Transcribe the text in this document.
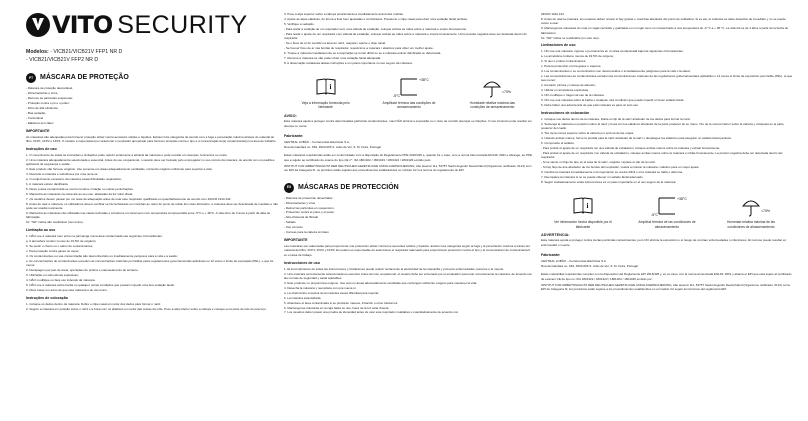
VITO SECURITY
Modelos: - VICB21/VICB21V FFP1 NR D
- VICB21/VICB21V FFP2 NR D
PT MÁSCARA DE PROTEÇÃO

- Máscara de proteção descartável,

- Filtra bactérias e vírus,

- Remove as partículas suspensas;

- Proteção contra o pó e o pólen;

- Filtro de alta eficiência

- Boa vedação,

- Confortável

- Elásticos sem látex

IMPORTANTE

As máscaras são adequadas para fornecer proteção eficaz contra aerossóis sólidos e líquidos. Existem três categorias de acordo com a fuga e penetração máxima através do material do filtro: FFP1, FFP2 e FFP3. O usuário é responsável por selecionar o respirador apropriado para fornecer proteção contra o tipo e a concentração do(s) contaminante(s) na área de trabalho.

Instruções de uso

1. O cumprimento de todas as instruções e limitações pode reduzir seriamente a eficácia da máscara e pode resultar em doenças, ferimentos ou morte.

2. Uma máscara adequadamente selecionada é essencial. Antes do uso ocupacional, o usuário deve ser treinado pelo empregador no uso correto da máscara, de acordo com os padrões aplicáveis de segurança e saúde.

3. Este produto não fornece oxigênio. Use somente em áreas adequadamente ventiladas, contendo oxigênio suficiente para suportar a vida.

4. Descarte a máscara e substitua-a por uma nova se:

a. O enrijecimento excessivo da máscara causa dificuldade respiratória;

b. A máscara estiver danificada.

5. Deixe a área contaminada se ocorrer tontura, irritação ou outras perturbações.

6. Mantenha as máscaras na caixa até ao seu uso, afastadas da luz solar direta.

7. Os usuários devem passar por um teste de adequação antes de usar este respirador qualificado ou quantitativamente de acordo com 29CFR 1910.134.

8. Antes de usar a máscara, os utilizadores devem verificar se há rachaduras ou manchas ao redor do ponto de solda. Em caso afirmativo, a máscara deve ser descartada de imediato e não pode ser usada novamente.

9. Mantenha as máscaras não utilizadas nas caixas fechadas e armazene em local seco com temperatura compreendida entre -5°C e + 38°C. A vida útil é de 3 anos a partir da data de fabricação.

10. "NR" indica não reutilizável (uso único).

Limitação ao uso

1. NÃO use a máscara nem entre na parmanga numa área contaminada nas seguintes circunstâncias:

a. A atmosfera contém menos de 19,5% de oxigênio;

b. Se sentir o cheiro ou o sabor de contaminantes;

c. Para proteção contra gases ou vapor;

d. Os contaminantes ou sua concentração são desconhecidos ou imediatamente perigosos para a vida e a saúde;

e. As concentrações de contaminantes excedem as concentrações máximas permitidas pelos regulamentos governamentais aplicáveis ou 12 vezes o limite de exposição (PEL), o que for menor.

2. Decapagem por jato de areia, operações de pintura e manuseamento de amianto;

3. Utilização em atmosferas explosivas;

4. NÃO modifique ou faça uso indevido da máscara.

5. NÃO use a máscara sobre barba ou qualquer outras condições que possam impedir uma boa vedação facial.

6. Deve haver um aviso de que esta máscara é de uso único.

Instruções de colocação

1. Coloque os dedos dentro da máscara. Dobre o clipe nasal em redor dos dedos para formar o nariz.

2. Segure a máscara em posição sobre o nariz e a boca com os elásticos em redor das costas da mão. Puxe a alça inferior sobre a cabeça e coloque-a na parte de trás do pescoço.

3. Puxe a alça superior sobre a cabeça posicionando-a imediatamente acima das orelhas.

4. Ajuste as alças elásticas, de forma a ficar bem ajustadas e confortáveis. Pressione o clipe nasal para obter uma vedação facial perfeita.

5. Verifique a vedação.

- Para testar a vedação de um respirador sem uma válvula de exalação, coloque ambas as mãos sobre a máscara e expire bruscamente.

- Para testar o ajuste de um respirador com válvula de exalação, coloque ambas as mãos sobre a máscara e inspire bruscamente. Uma pressão negativa deve ser detetada dentro do respirador.

- Se o fluxo de ar for sentido na área do nariz, reajuste / aperte o clipe nasal.

- Se houver fluxo de ar nas bordas do respirador, reposicione a máscara / elásticos para obter um melhor ajuste.

6. Troque a máscara imediatamente se a respiração se tornar difícil ou se a máscara estiver danificada ou deformada.

7. Remova a máscara se não puder obter uma vedação facial adequada.

8. A observação cuidadosa destas instruções é um passo importante no uso seguro da máscara.

i
Veja a informação fornecida pelo fabricante
+38°C
-5°C
Amplitude térmica das condições de armazenamento
<70%
Humidade relativa máxima das condições de armazenamento
AVISO:

Esta máscara ajuda a proteger contra determinadas partículas contaminantes, mas NÃO elimina a exposição ou o risco de contrair doenças ou infeções. O uso incorreto pode resultar em doença ou morte.

Fabricante:

CENTRAL LOBÃO – Ferramentas Eléctricas S.A.

Rua da Gandara no. 664, 4520-606 S. João de Ver, S. M. Feira, Portugal

Estas máscaras respiratórias estão em conformidade com a disposição do Regulamento PPE 2016/425 e, quando for o caso, com a norma harmonizada EN149: 2001 e abrange, ao PPE que é sujeito ao certificado de exame do tipo CE n°: IFA 1801322 / 1801323 / 1801324 / 1801326 emitido pelo:

INSTITUT FUR ARBEITSSCHUTZ DER DEUTSCHEN GEZETZLICHE UNFALLVERSICHERUNG, Alte Heerstr 111, 53757 Sankt Augustin Deutschland (Organismo notificado: 0121) com um EPI da Categoria III, os produtos estão sujeitos aos procedimentos estabelecidos no módulo C2 nos termos do regulamento do EPI.

ES MÁSCARAS DE PROTECCIÓN

- Máscara de protección desechable

- Filtra bacterias y virus

- Retirar las partículas en suspensión.

- Protección contra el polvo y el polen.

- Alta eficiencia de filtrado

- Sellado

- Uso cómodo

- Correas para la cabeza sin látex

IMPORTANTE

Las máscaras son adecuadas para proporcionar una protección eficaz contra los aerosoles sólidos y líquidos. Existen tres categorías según la fuga y la penetración máxima a través del material del filtro: FFP1, FFP2 y FFP3. El usuario es responsable de seleccionar el respirador adecuado para proporcionar protección contra el tipo y la concentración de contaminante/s en el área de trabajo.

Instrucciones de uso

1. El incumplimiento de todas las instrucciones y limitaciones puede reducir seriamente la efectividad de la mascarilla y provocar enfermedades, lesiones o la muerte.

2. Una máscara correctamente seleccionada es esencial. Antes del uso ocupacional, el usuario debe ser entrenado por el empleador para usar correctamente la máscara, de acuerdo con las normas de seguridad y salud aplicables.

3. Este producto no proporciona oxígeno. Use solo en áreas adecuadamente ventiladas que contengan suficiente oxígeno para mantener la vida.

4. Desecha la máscara y reemplaza con una nueva si:

a. La obstrucción excesiva de la máscara causa dificultad para respirar;

b. La máscara está dañada.

5. Abandone el área contaminada si se producen mareos, irritación u otros trastornos.

6. Mantenga las máscaras en la caja hasta su uso, fuera de la luz solar directa.

7. Los usuarios deben pasar una prueba de idoneidad antes de usar este respirador cualitativa o cuantitativamente de acuerdo con

29CFR 1910.134.

8. Antes de usar la máscara, los usuarios deben revisar si hay grietas o manchas alrededor del punto de soldadura. Si es así, la máscara se debe desechar de inmediato y no se puede volver a usar.

9. Mantenga las máscaras sin usar en cajas cerradas y guárdelas en un lugar seco no contaminado a una temperatura de -5 °C a + 38 °C. La vida útil es de 3 años a partir de la fecha de fabricación.

10. "NR" indica no reutilizable (un solo uso).

Limitaciones de uso

1. NO use una máscara, ingrese o permanezca en un área contaminada bajo las siguientes circunstancias:

a. La atmósfera contiene menos de 19,5% de oxígeno;

b. Si oler o probar contaminantes;

c. Para la protección contra gases o vapores;

d. Los contaminantes o su concentración son desconocidos o inmediatamente peligrosos para la vida o la salud;

e. Las concentraciones de contaminantes exceden las concentraciones máximas de las regulaciones gubernamentales aplicables o 12 veces el límite de exposición permisible (PEL), el que sea menor;

2. Arenado, pintura y manejo de asbesto;

3. Utilizar en atmósferas explosivas.

4. NO modifique o haga mal uso de la máscara.

5. NO use una máscara sobre la barba o cualquier otra condición que pueda impedir un buen sellado facial.

6. Debe haber una advertencia de que esta máscara es para un solo uso.

Instrucciones de colocación

1. Coloque sus dedos dentro de la máscara. Doble el clip de la nariz alrededor de los dedos para formar la nariz.

2. Sostenga la máscara en posición sobre la nariz y boca con los elásticos alrededor de la parte posterior de su mano. Tire de la correa inferior sobre la cabeza y colóquela en la parte posterior del cuello.

3. Tire de la correa superior sobre la cabeza por encima de las orejas.

4. Usando ambas manos, forme la presilla para la nariz alrededor de la nariz y despliegue los elásticos para asegurar un sellado facial perfecto.

5. Compruebe el sellado:

- Para probar el ajuste de un respirador sin una válvula de exhalación, coloque ambas manos sobre la máscara y exhale bruscamente.

- Para probar el ajuste de un respirador con válvula de exhalación, coloque ambas manos sobre la máscara e inhale bruscamente. La presión negativa debe ser detectada dentro del respirador.

- Si se siente un flujo de aire en el área de la nariz, reajuste / apriete el clip de la nariz.

- Si hay flujo de aire alrededor de los bordes del respirador, vuelva a colocar la máscara / elástico para un mejor ajuste.

6. Cambie la máscara inmediatamente si la respiración se vuelve difícil o si la máscara se daña o deforma.

7. Reemplace la máscara si no se puede obtener un sellado facial adecuado.

8. Seguir cuidadosamente estas instrucciones es un paso importante en el uso seguro de la máscara.

i
Ver información hecha disponible por el fabricante
+38°C
-5°C
Amplitud térmica de las condiciones de almacenamiento
<70%
Humedad relativa máxima de las condiciones de almacenamiento
ADVERTENCIA:

Esta máscara ayuda a proteger contra ciertas partículas contaminantes, pero NO elimina la exposición o el riesgo de contraer enfermedades o infecciones. El mal uso puede resultar en enfermedad o muerte.

Fabricante:

CENTRAL LOBÃO – Ferramentas Eléctricas S.A.

Rua da Gandara no. 664, 4520-606 S. João de Ver, S. M. Feira, Portugal

Estas mascarillas respiratorias cumplen con la disposición del Reglamento EPI 2016/425 y, en su caso, con la norma armonizada EN149: 2001 y abarca el EPI que está sujeto al certificado de examen CE de tipo no: IFA 1801322 / 1801323 / 1801324 / 1801326 emitido por:

INSTITUT FUR ARBEITSSCHUTZ DER DEUTSCHEN GEZETZLICHE UNFALLVERSICHERUNG, Alte Heerstr 111, 53757 Sankt Augustin Deutschland (Organismo notificado: 0121) como EPI de Categoría III, los productos están sujetos a los procedimientos establecidos en el módulo C2 según los términos del reglamento EPI.
